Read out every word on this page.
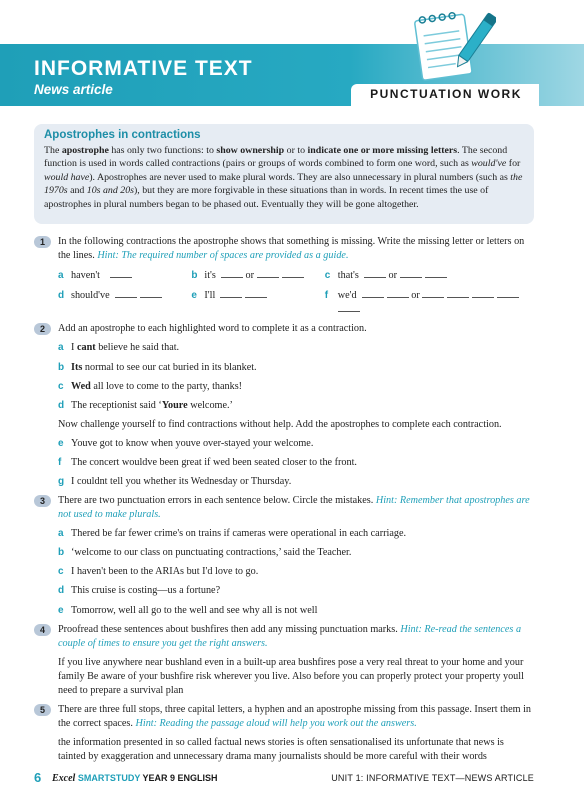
INFORMATIVE TEXT
News article	PUNCTUATION WORK
Apostrophes in contractions
The apostrophe has only two functions: to show ownership or to indicate one or more missing letters. The second function is used in words called contractions (pairs or groups of words combined to form one word, such as would've for would have). Apostrophes are never used to make plural words. They are also unnecessary in plural numbers (such as the 1970s and 10s and 20s), but they are more forgivable in these situations than in words. In recent times the use of apostrophes in plural numbers began to be phased out. Eventually they will be gone altogether.
1	In the following contractions the apostrophe shows that something is missing. Write the missing letter or letters on the lines. Hint: The required number of spaces are provided as a guide.
a haven't	b it's	or	c that's	or
d should've	e I'll	f we'd	or
2	Add an apostrophe to each highlighted word to complete it as a contraction.
a I cant believe he said that.
b Its normal to see our cat buried in its blanket.
c Wed all love to come to the party, thanks!
d The receptionist said ‘Youre welcome.’
Now challenge yourself to find contractions without help. Add the apostrophes to complete each contraction.
e Youve got to know when youve over-stayed your welcome.
f The concert wouldve been great if wed been seated closer to the front.
g I couldnt tell you whether its Wednesday or Thursday.
3	There are two punctuation errors in each sentence below. Circle the mistakes. Hint: Remember that apostrophes are not used to make plurals.
a Thered be far fewer crime's on trains if cameras were operational in each carriage.
b ‘welcome to our class on punctuating contractions,’ said the Teacher.
c I haven't been to the ARIAs but I'd love to go.
d This cruise is costing—us a fortune?
e Tomorrow, well all go to the well and see why all is not well
4	Proofread these sentences about bushfires then add any missing punctuation marks. Hint: Re-read the sentences a couple of times to ensure you get the right answers.
If you live anywhere near bushland even in a built-up area bushfires pose a very real threat to your home and your family Be aware of your bushfire risk wherever you live. Also before you can properly protect your property youll need to prepare a survival plan
5	There are three full stops, three capital letters, a hyphen and an apostrophe missing from this passage. Insert them in the correct spaces. Hint: Reading the passage aloud will help you work out the answers.
the information presented in so called factual news stories is often sensationalised its unfortunate that news is tainted by exaggeration and unnecessary drama many journalists should be more careful with their words
6 Excel SMARTSTUDY YEAR 9 ENGLISH	UNIT 1: INFORMATIVE TEXT—NEWS ARTICLE
